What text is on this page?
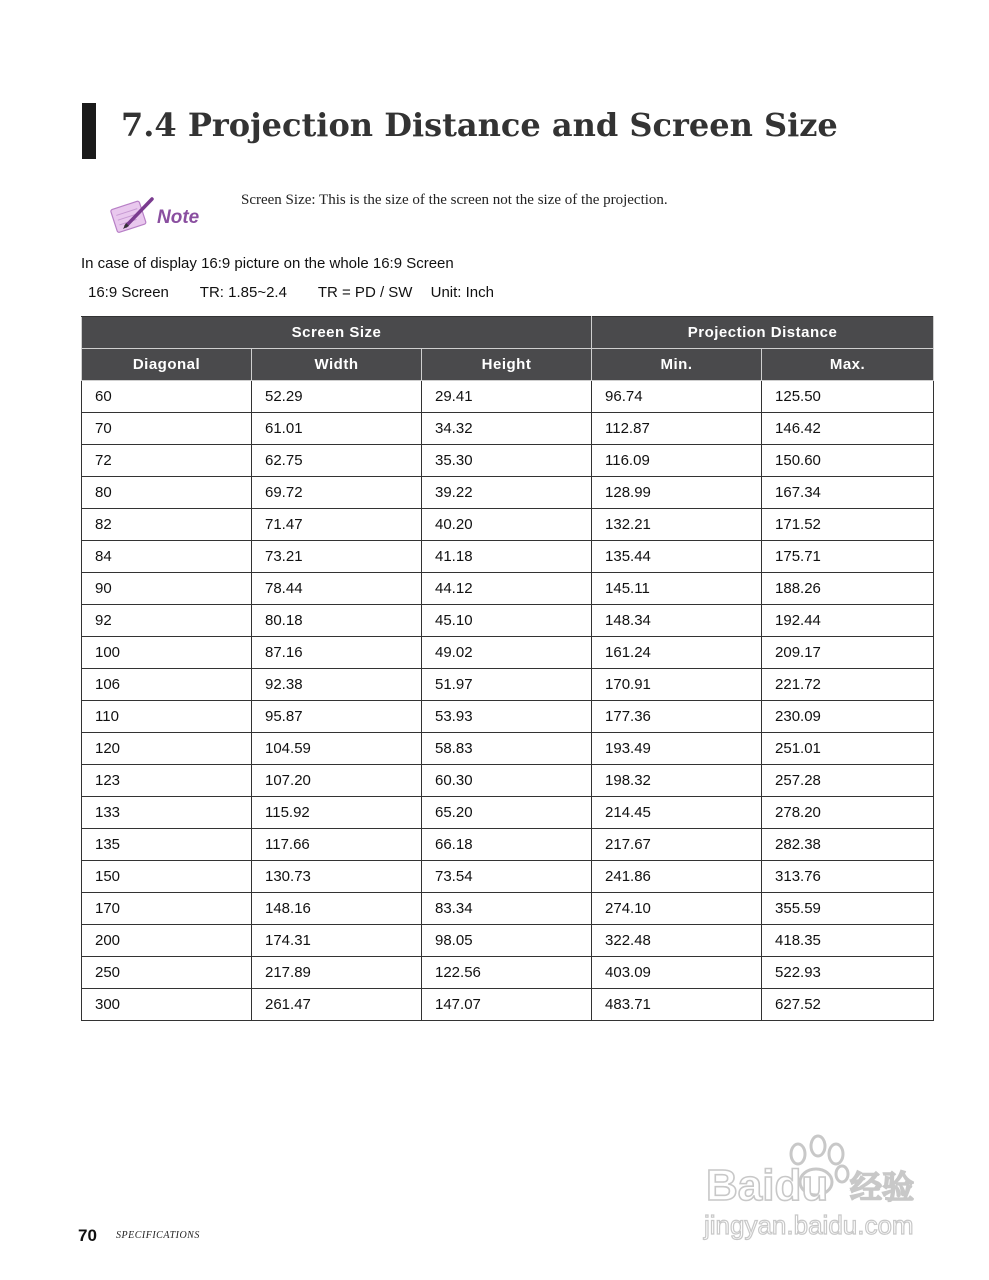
7.4 Projection Distance and Screen Size
Note
Screen Size: This is the size of the screen not the size of the projection.
In case of display 16:9 picture on the whole 16:9 Screen
16:9 Screen TR: 1.85~2.4 TR = PD / SW Unit: Inch
Screen Size			Projection Distance	
Diagonal	Width	Height	Min.	Max.
60	52.29	29.41	96.74	125.50
70	61.01	34.32	112.87	146.42
72	62.75	35.30	116.09	150.60
80	69.72	39.22	128.99	167.34
82	71.47	40.20	132.21	171.52
84	73.21	41.18	135.44	175.71
90	78.44	44.12	145.11	188.26
92	80.18	45.10	148.34	192.44
100	87.16	49.02	161.24	209.17
106	92.38	51.97	170.91	221.72
110	95.87	53.93	177.36	230.09
120	104.59	58.83	193.49	251.01
123	107.20	60.30	198.32	257.28
133	115.92	65.20	214.45	278.20
135	117.66	66.18	217.67	282.38
150	130.73	73.54	241.86	313.76
170	148.16	83.34	274.10	355.59
200	174.31	98.05	322.48	418.35
250	217.89	122.56	403.09	522.93
300	261.47	147.07	483.71	627.52
70 SPECIFICATIONS
Baidu 经验
jingyan.baidu.com
